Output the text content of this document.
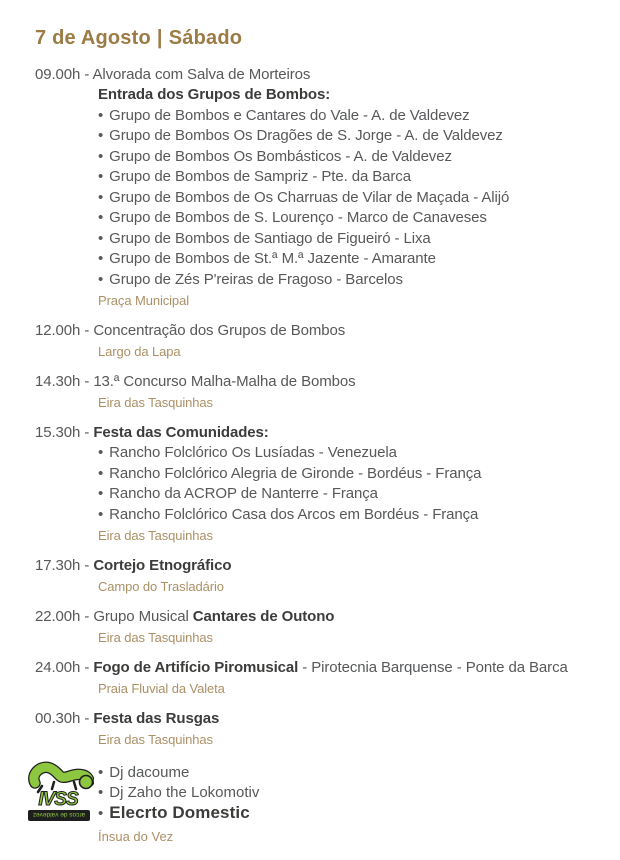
7 de Agosto | Sábado
09.00h - Alvorada com Salva de Morteiros
Entrada dos Grupos de Bombos:
• Grupo de Bombos e Cantares do Vale - A. de Valdevez
• Grupo de Bombos Os Dragões de S. Jorge - A. de Valdevez
• Grupo de Bombos Os Bombásticos - A. de Valdevez
• Grupo de Bombos de Sampriz - Pte. da Barca
• Grupo de Bombos de Os Charruas de Vilar de Maçada - Alijó
• Grupo de Bombos de S. Lourenço - Marco de Canaveses
• Grupo de Bombos de Santiago de Figueiró - Lixa
• Grupo de Bombos de St.ª M.ª Jazente - Amarante
• Grupo de Zés P'reiras de Fragoso - Barcelos
Praça Municipal
12.00h - Concentração dos Grupos de Bombos
Largo da Lapa
14.30h - 13.ª Concurso Malha-Malha de Bombos
Eira das Tasquinhas
15.30h - Festa das Comunidades:
• Rancho Folclórico Os Lusíadas - Venezuela
• Rancho Folclórico Alegria de Gironde - Bordéus - França
• Rancho da ACROP de Nanterre - França
• Rancho Folclórico Casa dos Arcos em Bordéus - França
Eira das Tasquinhas
17.30h - Cortejo Etnográfico
Campo do Trasladário
22.00h - Grupo Musical Cantares de Outono
Eira das Tasquinhas
24.00h - Fogo de Artifício Piromusical - Pirotecnia Barquense - Ponte da Barca
Praia Fluvial da Valeta
00.30h - Festa das Rusgas
Eira das Tasquinhas
IVSS
arcos de valdevez
• Dj dacoume
• Dj Zaho the Lokomotiv
• Elecrto Domestic
Ínsua do Vez
